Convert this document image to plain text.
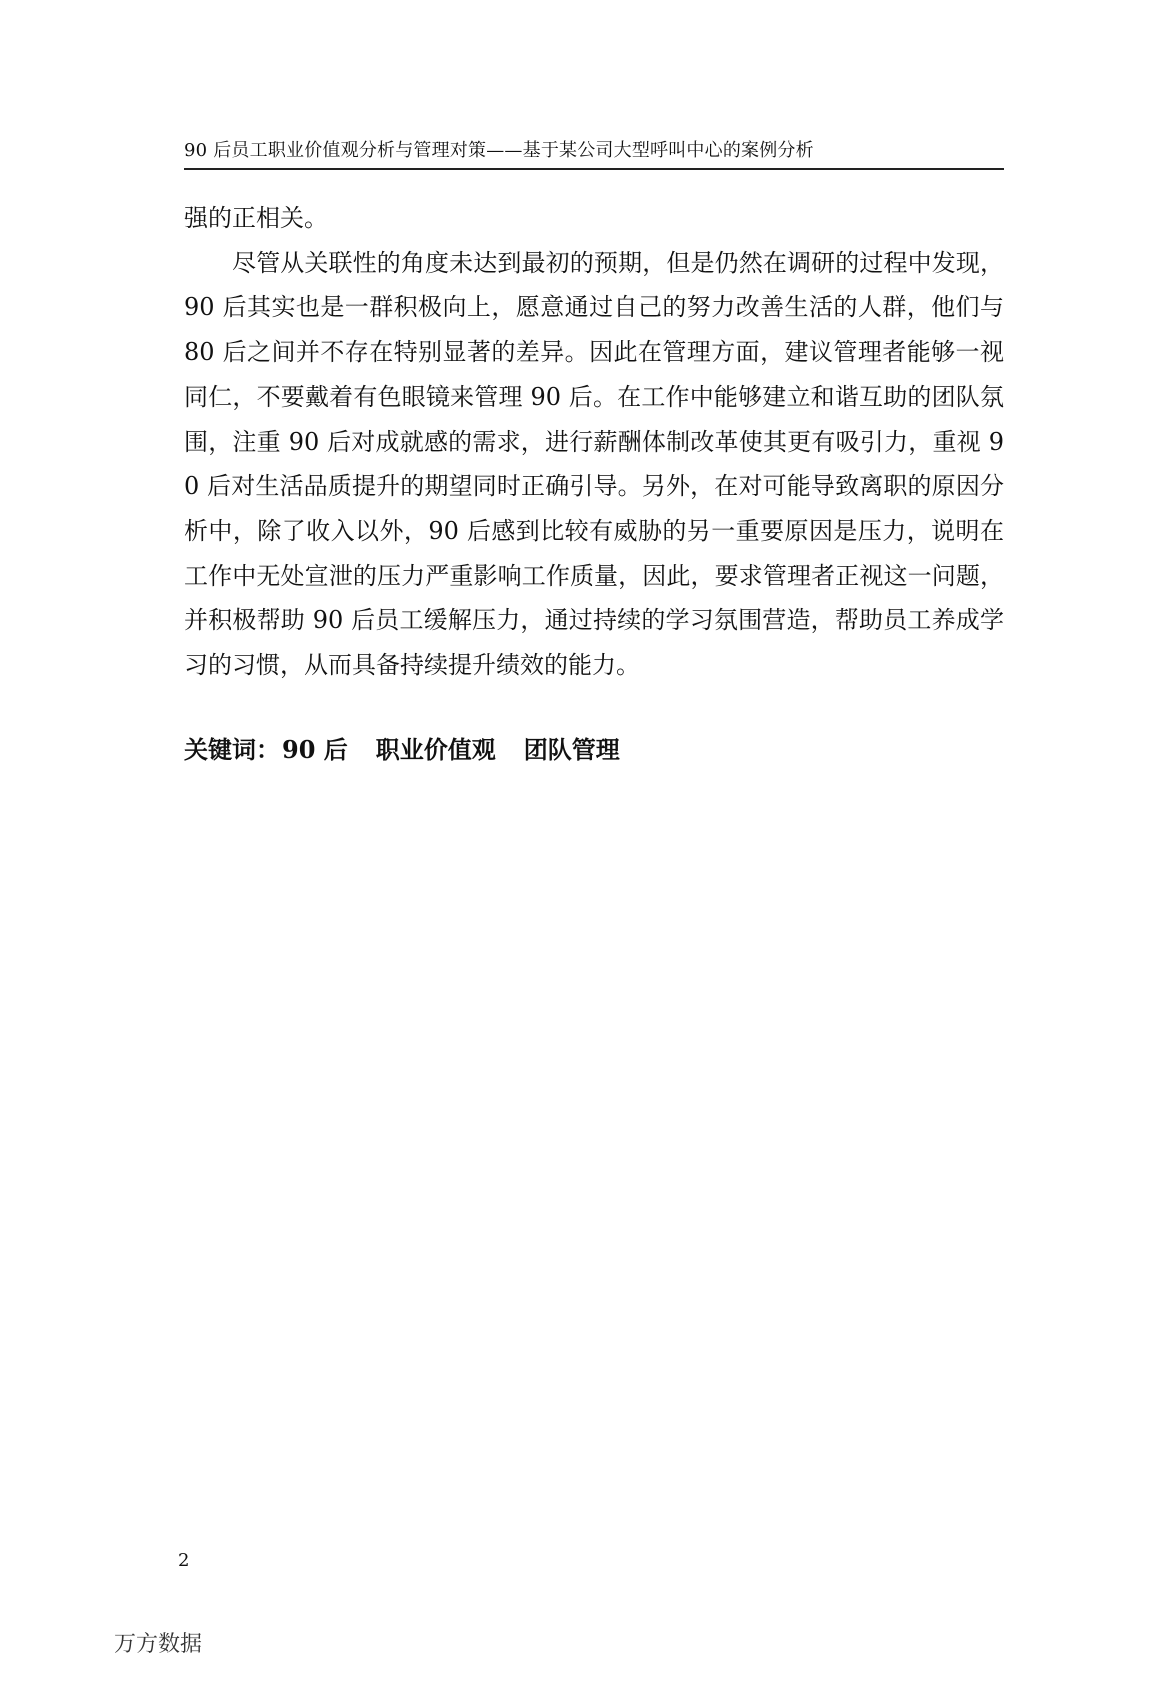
90 后员工职业价值观分析与管理对策——基于某公司大型呼叫中心的案例分析

强的正相关。

尽管从关联性的角度未达到最初的预期，但是仍然在调研的过程中发现，90 后其实也是一群积极向上，愿意通过自己的努力改善生活的人群，他们与 80 后之间并不存在特别显著的差异。因此在管理方面，建议管理者能够一视同仁，不要戴着有色眼镜来管理 90 后。在工作中能够建立和谐互助的团队氛围，注重 90 后对成就感的需求，进行薪酬体制改革使其更有吸引力，重视 90 后对生活品质提升的期望同时正确引导。另外，在对可能导致离职的原因分析中，除了收入以外，90 后感到比较有威胁的另一重要原因是压力，说明在工作中无处宣泄的压力严重影响工作质量，因此，要求管理者正视这一问题，并积极帮助 90 后员工缓解压力，通过持续的学习氛围营造，帮助员工养成学习的习惯，从而具备持续提升绩效的能力。

关键词：90 后 职业价值观 团队管理
2
万方数据
